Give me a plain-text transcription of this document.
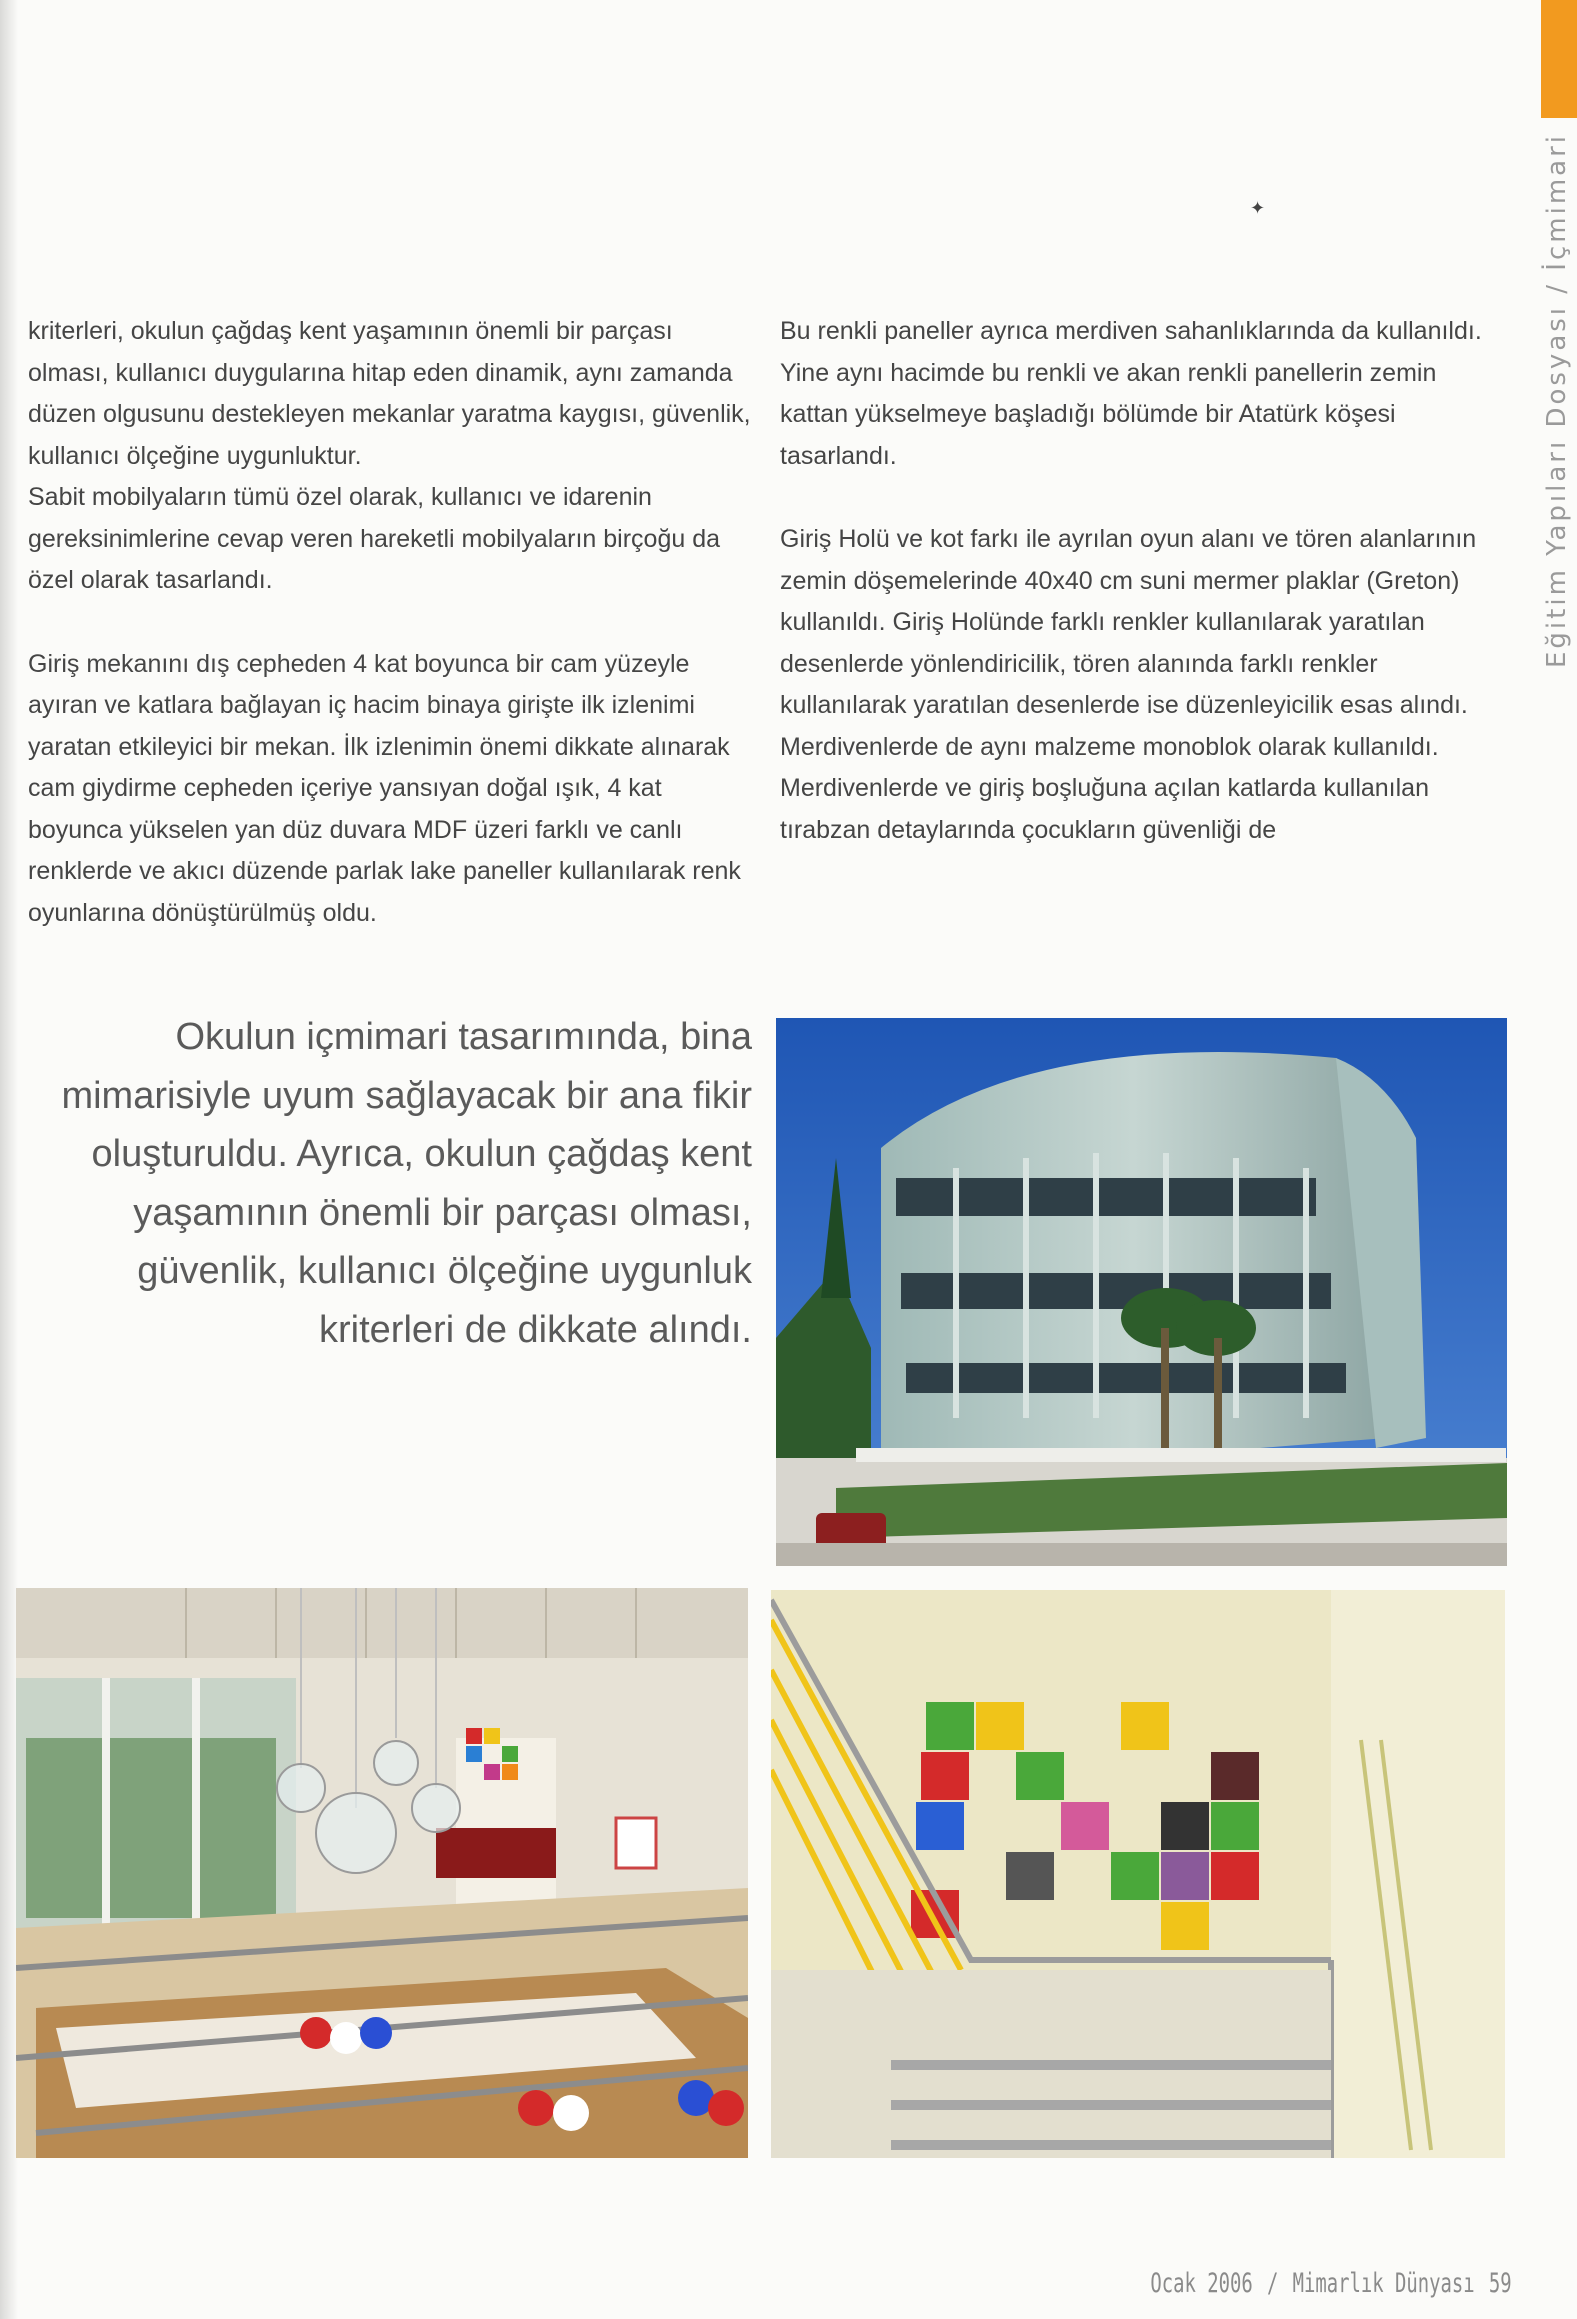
Eğitim Yapıları Dosyası / İçmimari
✦

kriterleri, okulun çağdaş kent yaşamının önemli bir parçası olması, kullanıcı duygularına hitap eden dinamik, aynı zamanda düzen olgusunu destekleyen mekanlar yaratma kaygısı, güvenlik, kullanıcı ölçeğine uygunluktur.

Sabit mobilyaların tümü özel olarak, kullanıcı ve idarenin gereksinimlerine cevap veren hareketli mobilyaların birçoğu da özel olarak tasarlandı.

Giriş mekanını dış cepheden 4 kat boyunca bir cam yüzeyle ayıran ve katlara bağlayan iç hacim binaya girişte ilk izlenimi yaratan etkileyici bir mekan. İlk izlenimin önemi dikkate alınarak cam giydirme cepheden içeriye yansıyan doğal ışık, 4 kat boyunca yükselen yan düz duvara MDF üzeri farklı ve canlı renklerde ve akıcı düzende parlak lake paneller kullanılarak renk oyunlarına dönüştürülmüş oldu.

Bu renkli paneller ayrıca merdiven sahanlıklarında da kullanıldı.

Yine aynı hacimde bu renkli ve akan renkli panellerin zemin kattan yükselmeye başladığı bölümde bir Atatürk köşesi tasarlandı.

Giriş Holü ve kot farkı ile ayrılan oyun alanı ve tören alanlarının zemin döşemelerinde 40x40 cm suni mermer plaklar (Greton) kullanıldı. Giriş Holünde farklı renkler kullanılarak yaratılan desenlerde yönlendiricilik, tören alanında farklı renkler kullanılarak yaratılan desenlerde ise düzenleyicilik esas alındı. Merdivenlerde de aynı malzeme monoblok olarak kullanıldı.

Merdivenlerde ve giriş boşluğuna açılan katlarda kullanılan tırabzan detaylarında çocukların güvenliği de

Okulun içmimari tasarımında, bina mimarisiyle uyum sağlayacak bir ana fikir oluşturuldu. Ayrıca, okulun çağdaş kent yaşamının önemli bir parçası olması, güvenlik, kullanıcı ölçeğine uygunluk kriterleri de dikkate alındı.
Ocak 2006 / Mimarlık Dünyası 59
